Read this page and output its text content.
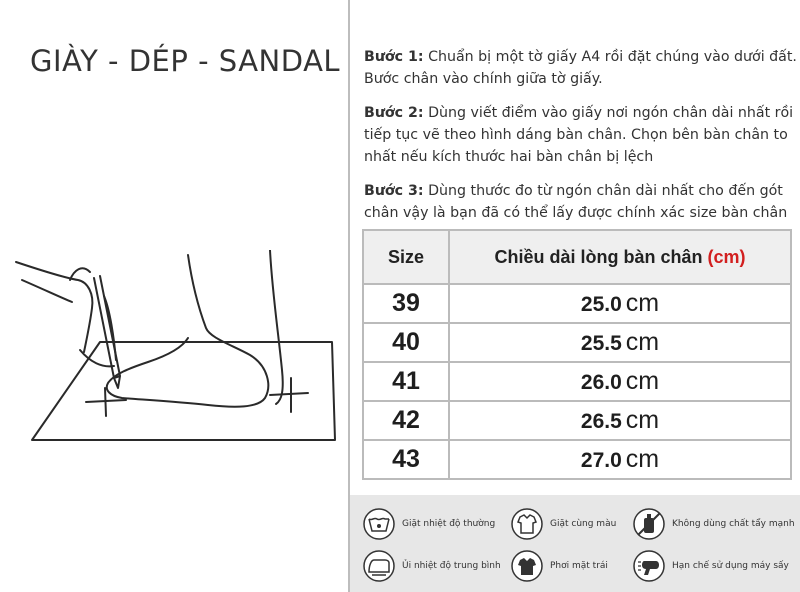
GIÀY - DÉP - SANDAL Bước 1: Chuẩn bị một tờ giấy A4 rồi đặt chúng vào dưới đất. Bước chân vào chính giữa tờ giấy.

Bước 2: Dùng viết điểm vào giấy nơi ngón chân dài nhất rồi tiếp tục vẽ theo hình dáng bàn chân. Chọn bên bàn chân to nhất nếu kích thước hai bàn chân bị lệch

Bước 3: Dùng thước đo từ ngón chân dài nhất cho đến gót chân vậy là bạn đã có thể lấy được chính xác size bàn chân

Size	Chiều dài lòng bàn chân (cm)
39	25.0 cm
40	25.5 cm
41	26.0 cm
42	26.5 cm
43	27.0 cm
Giặt nhiệt độ thường	Giặt cùng màu	Không dùng chất tẩy mạnh
Ủi nhiệt độ trung bình	Phơi mặt trái	Hạn chế sử dụng máy sấy
